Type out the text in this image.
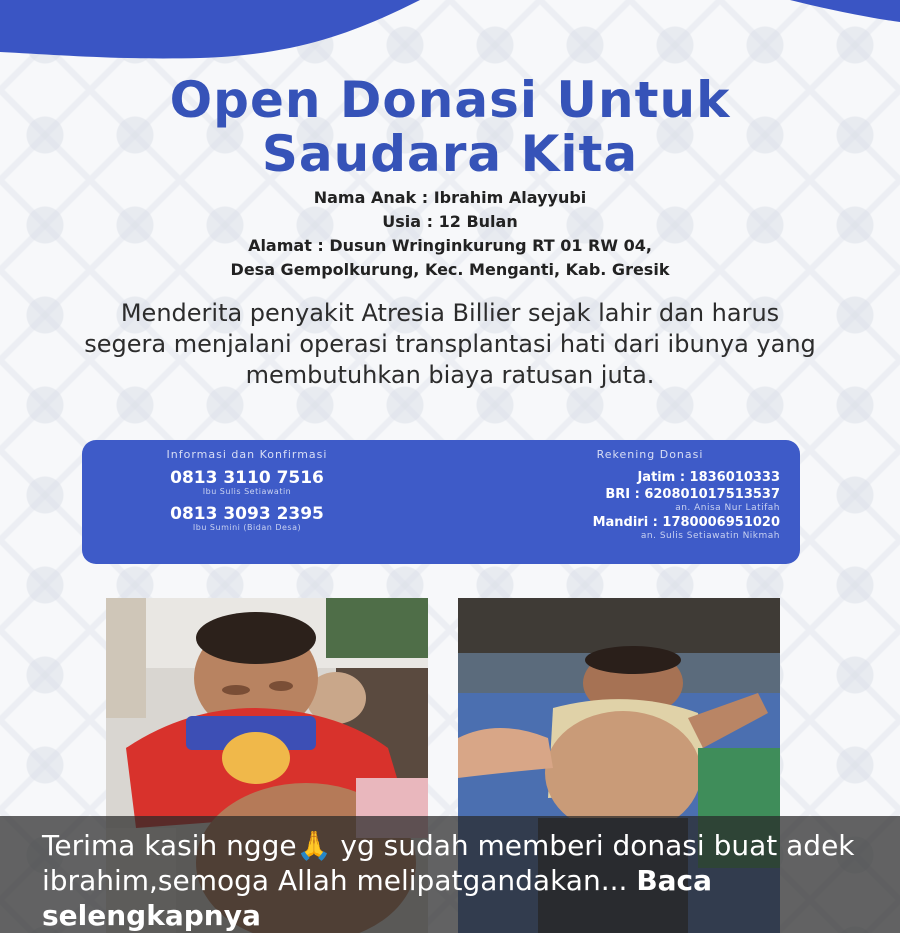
Open Donasi Untuk
Saudara Kita
Nama Anak : Ibrahim Alayyubi
Usia : 12 Bulan
Alamat : Dusun Wringinkurung RT 01 RW 04,
Desa Gempolkurung, Kec. Menganti, Kab. Gresik
Menderita penyakit Atresia Billier sejak lahir dan harus segera menjalani operasi transplantasi hati dari ibunya yang membutuhkan biaya ratusan juta.
Informasi dan Konfirmasi
0813 3110 7516
Ibu Sulis Setiawatin
0813 3093 2395
Ibu Sumini (Bidan Desa)
Rekening Donasi
Jatim : 1836010333
BRI : 620801017513537
an. Anisa Nur Latifah
Mandiri : 1780006951020
an. Sulis Setiawatin Nikmah
Terima kasih ngge🙏 yg sudah memberi donasi buat adek ibrahim,semoga Allah melipatgandakan... Baca selengkapnya
